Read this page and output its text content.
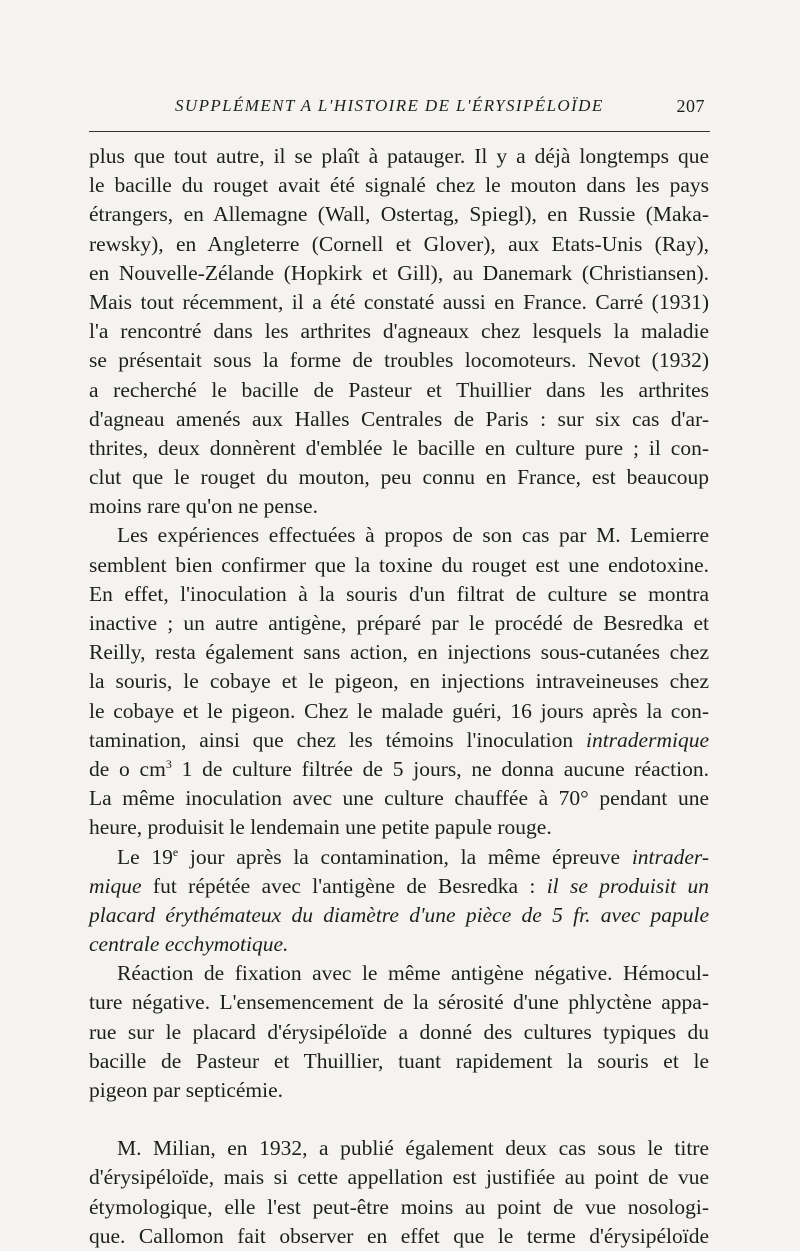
SUPPLÉMENT A L'HISTOIRE DE L'ÉRYSIPÉLOÏDE	207
plus que tout autre, il se plaît à patauger. Il y a déjà longtemps que
le bacille du rouget avait été signalé chez le mouton dans les pays
étrangers, en Allemagne (Wall, Ostertag, Spiegl), en Russie (Maka-
rewsky), en Angleterre (Cornell et Glover), aux Etats-Unis (Ray),
en Nouvelle-Zélande (Hopkirk et Gill), au Danemark (Christiansen).
Mais tout récemment, il a été constaté aussi en France. Carré (1931)
l'a rencontré dans les arthrites d'agneaux chez lesquels la maladie
se présentait sous la forme de troubles locomoteurs. Nevot (1932)
a recherché le bacille de Pasteur et Thuillier dans les arthrites
d'agneau amenés aux Halles Centrales de Paris : sur six cas d'ar-
thrites, deux donnèrent d'emblée le bacille en culture pure ; il con-
clut que le rouget du mouton, peu connu en France, est beaucoup
moins rare qu'on ne pense.
Les expériences effectuées à propos de son cas par M. Lemierre
semblent bien confirmer que la toxine du rouget est une endotoxine.
En effet, l'inoculation à la souris d'un filtrat de culture se montra
inactive ; un autre antigène, préparé par le procédé de Besredka et
Reilly, resta également sans action, en injections sous-cutanées chez
la souris, le cobaye et le pigeon, en injections intraveineuses chez
le cobaye et le pigeon. Chez le malade guéri, 16 jours après la con-
tamination, ainsi que chez les témoins l'inoculation intradermique
de o $cm^3$ 1 de culture filtrée de 5 jours, ne donna aucune réaction.
La même inoculation avec une culture chauffée à 70° pendant une
heure, produisit le lendemain une petite papule rouge.
Le 19e jour après la contamination, la même épreuve intrader-
mique fut répétée avec l'antigène de Besredka : il se produisit un
placard érythémateux du diamètre d'une pièce de 5 fr. avec papule
centrale ecchymotique.
Réaction de fixation avec le même antigène négative. Hémocul-
ture négative. L'ensemencement de la sérosité d'une phlyctène appa-
rue sur le placard d'érysipéloïde a donné des cultures typiques du
bacille de Pasteur et Thuillier, tuant rapidement la souris et le
pigeon par septicémie.
M. Milian, en 1932, a publié également deux cas sous le titre
d'érysipéloïde, mais si cette appellation est justifiée au point de vue
étymologique, elle l'est peut-être moins au point de vue nosologi-
que. Callomon fait observer en effet que le terme d'érysipéloïde
